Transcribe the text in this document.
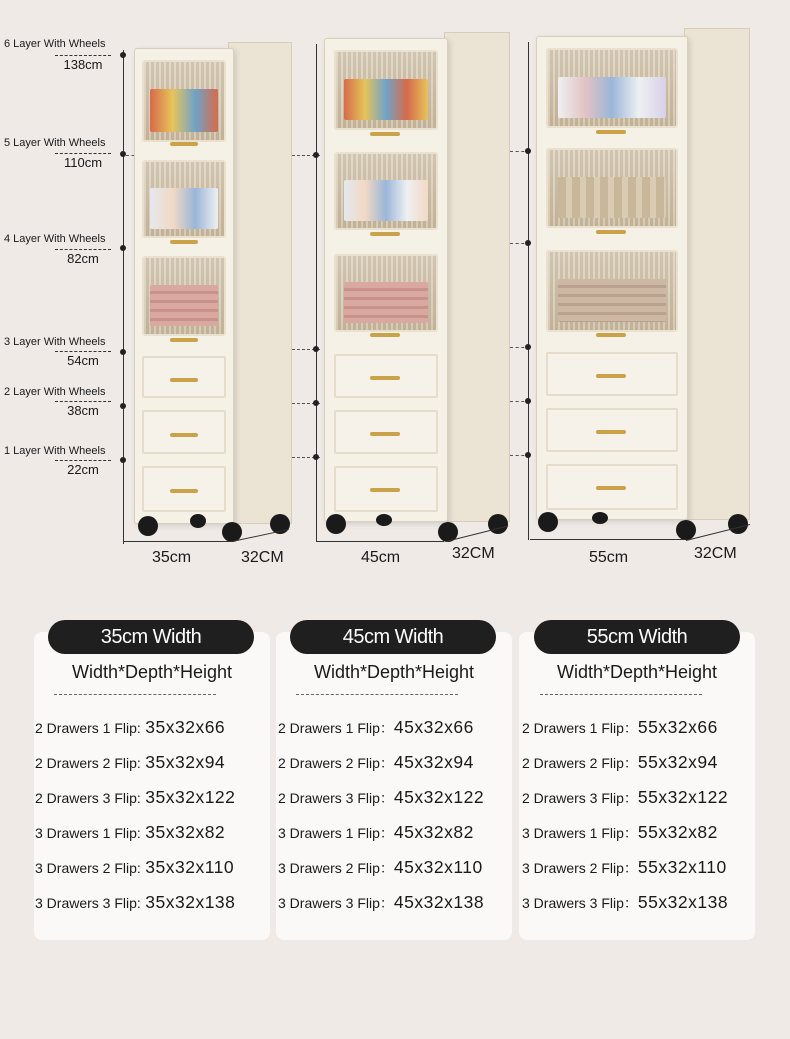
6 Layer With Wheels
138cm
5 Layer With Wheels
110cm
4 Layer With Wheels
82cm
3 Layer With Wheels
54cm
2 Layer With Wheels
38cm
1 Layer With Wheels
22cm
35cm	32CM	45cm	32CM	55cm	32CM
35cm Width	45cm Width	55cm Width
Width*Depth*Height	Width*Depth*Height	Width*Depth*Height
2 Drawers 1 Flip: 35x32x66
2 Drawers 2 Flip: 35x32x94
2 Drawers 3 Flip: 35x32x122
3 Drawers 1 Flip: 35x32x82
3 Drawers 2 Flip: 35x32x110
3 Drawers 3 Flip: 35x32x138
2 Drawers 1 Flip：45x32x66
2 Drawers 2 Flip：45x32x94
2 Drawers 3 Flip：45x32x122
3 Drawers 1 Flip：45x32x82
3 Drawers 2 Flip：45x32x110
3 Drawers 3 Flip：45x32x138
2 Drawers 1 Flip：55x32x66
2 Drawers 2 Flip：55x32x94
2 Drawers 3 Flip：55x32x122
3 Drawers 1 Flip：55x32x82
3 Drawers 2 Flip：55x32x110
3 Drawers 3 Flip：55x32x138
